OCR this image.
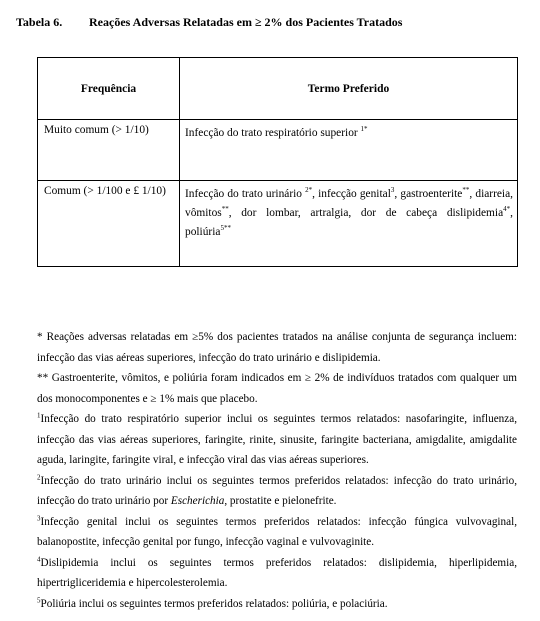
Tabela 6. Reações Adversas Relatadas em ≥ 2% dos Pacientes Tratados
Frequência	Termo Preferido
Muito comum (> 1/10)	Infecção do trato respiratório superior $^{1*}$
Comum (> 1/100 e £ 1/10)	Infecção do trato urinário $^{2*}$, infecção genital$^3$, gastroenterite**, diarreia, vômitos**, dor lombar, artralgia, dor de cabeça dislipidemia$^{4*}$, poliúria$^{5**}$

* Reações adversas relatadas em ≥5% dos pacientes tratados na análise conjunta de segurança incluem: infecção das vias aéreas superiores, infecção do trato urinário e dislipidemia.

** Gastroenterite, vômitos, e poliúria foram indicados em ≥ 2% de indivíduos tratados com qualquer um dos monocomponentes e ≥ 1% mais que placebo.

$^1$Infecção do trato respiratório superior inclui os seguintes termos relatados: nasofaringite, influenza, infecção das vias aéreas superiores, faringite, rinite, sinusite, faringite bacteriana, amigdalite, amigdalite aguda, laringite, faringite viral, e infecção viral das vias aéreas superiores.

$^2$Infecção do trato urinário inclui os seguintes termos preferidos relatados: infecção do trato urinário, infecção do trato urinário por Escherichia, prostatite e pielonefrite.

$^3$Infecção genital inclui os seguintes termos preferidos relatados: infecção fúngica vulvovaginal, balanopostite, infecção genital por fungo, infecção vaginal e vulvovaginite.

$^4$Dislipidemia inclui os seguintes termos preferidos relatados: dislipidemia, hiperlipidemia, hipertrigliceridemia e hipercolesterolemia.

$^5$Poliúria inclui os seguintes termos preferidos relatados: poliúria, e polaciúria.
